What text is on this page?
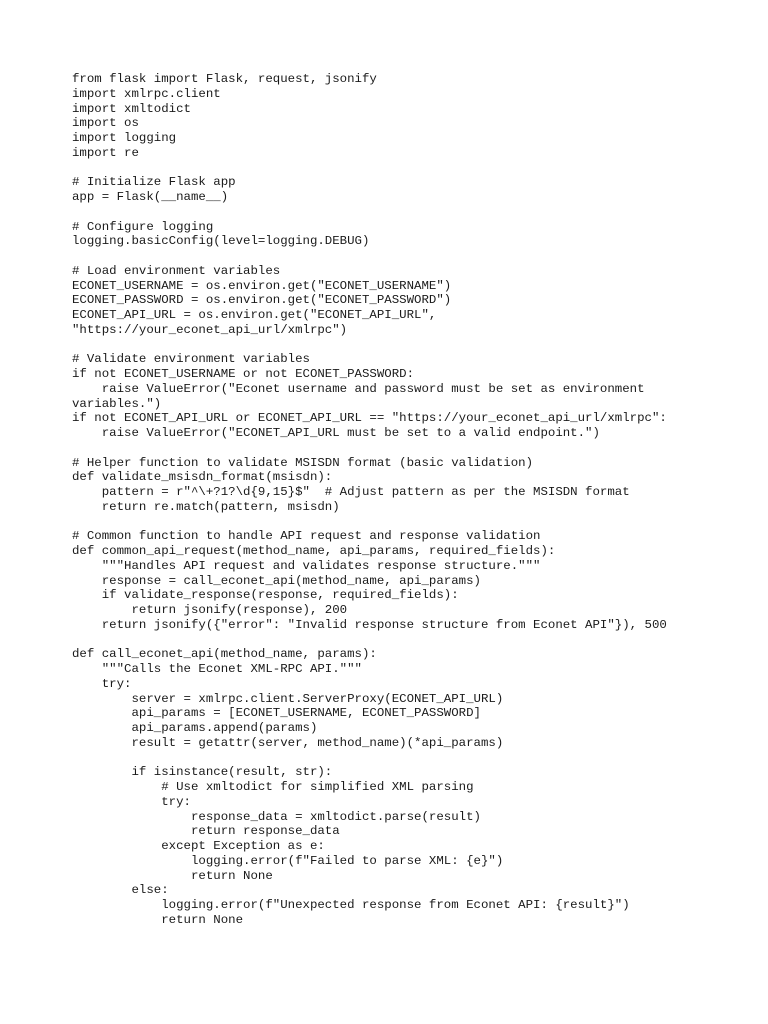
from flask import Flask, request, jsonify
import xmlrpc.client
import xmltodict
import os
import logging
import re
# Initialize Flask app
app = Flask(__name__)
# Configure logging
logging.basicConfig(level=logging.DEBUG)
# Load environment variables
ECONET_USERNAME = os.environ.get("ECONET_USERNAME")
ECONET_PASSWORD = os.environ.get("ECONET_PASSWORD")
ECONET_API_URL = os.environ.get("ECONET_API_URL",
"https://your_econet_api_url/xmlrpc")
# Validate environment variables
if not ECONET_USERNAME or not ECONET_PASSWORD:
raise ValueError("Econet username and password must be set as environment
variables.")
if not ECONET_API_URL or ECONET_API_URL == "https://your_econet_api_url/xmlrpc":
raise ValueError("ECONET_API_URL must be set to a valid endpoint.")
# Helper function to validate MSISDN format (basic validation)
def validate_msisdn_format(msisdn):
pattern = r"^\+?1?\d{9,15}$"  # Adjust pattern as per the MSISDN format
return re.match(pattern, msisdn)
# Common function to handle API request and response validation
def common_api_request(method_name, api_params, required_fields):
"""Handles API request and validates response structure."""
response = call_econet_api(method_name, api_params)
if validate_response(response, required_fields):
return jsonify(response), 200
return jsonify({"error": "Invalid response structure from Econet API"}), 500
def call_econet_api(method_name, params):
"""Calls the Econet XML-RPC API."""
try:
server = xmlrpc.client.ServerProxy(ECONET_API_URL)
api_params = [ECONET_USERNAME, ECONET_PASSWORD]
api_params.append(params)
result = getattr(server, method_name)(*api_params)
if isinstance(result, str):
# Use xmltodict for simplified XML parsing
try:
response_data = xmltodict.parse(result)
return response_data
except Exception as e:
logging.error(f"Failed to parse XML: {e}")
return None
else:
logging.error(f"Unexpected response from Econet API: {result}")
return None
